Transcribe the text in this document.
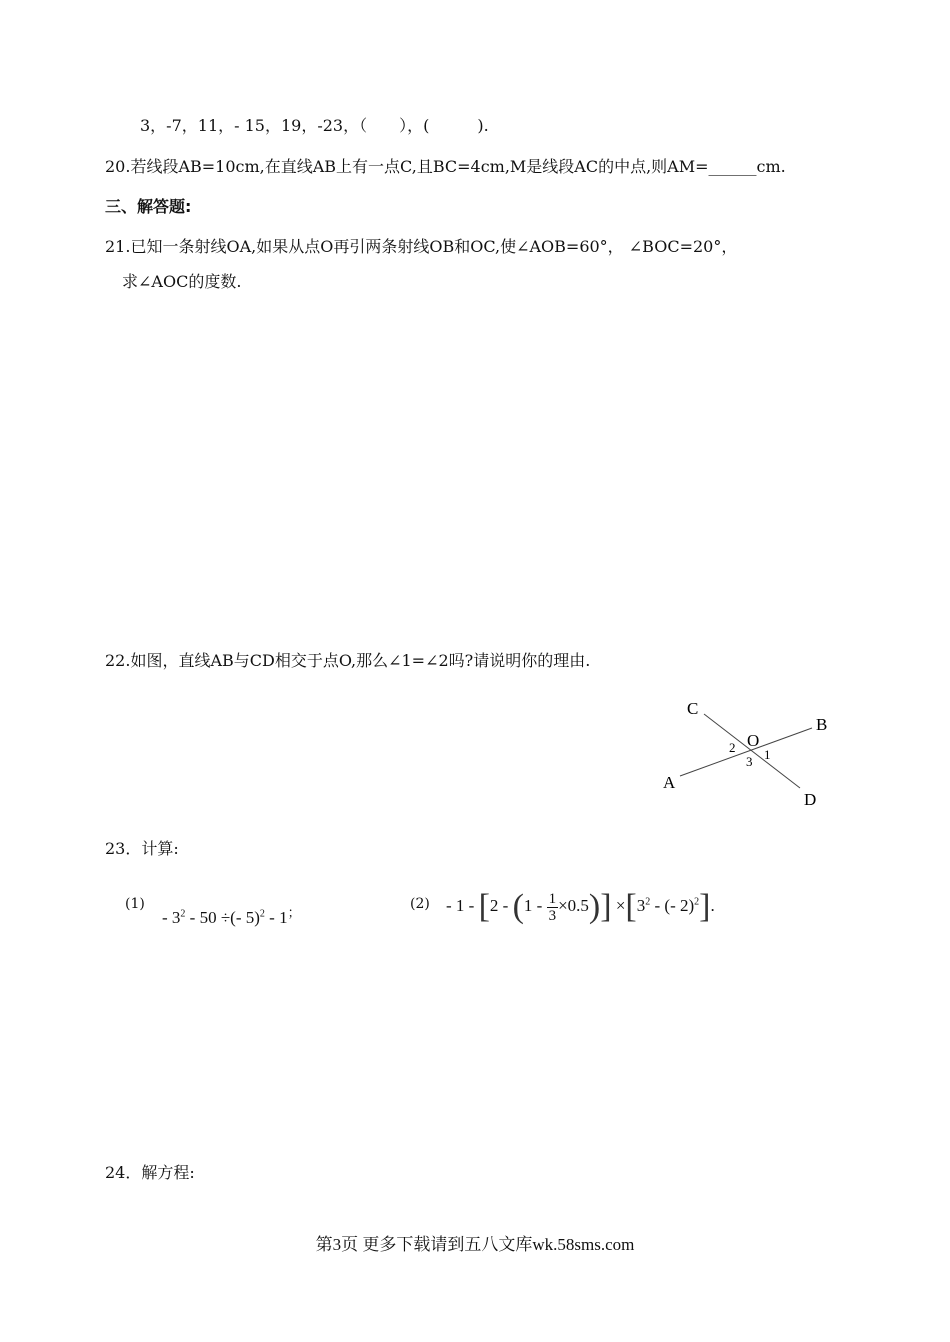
3，-7，11，- 15，19，-23，（　　），(　　　).
20.若线段AB=10cm,在直线AB上有一点C,且BC=4cm,M是线段AC的中点,则AM=______cm.
三、解答题:
21.已知一条射线OA,如果从点O再引两条射线OB和OC,使∠AOB=60°， ∠BOC=20°，
求∠AOC的度数.
22.如图，直线AB与CD相交于点O,那么∠1=∠2吗?请说明你的理由.
C
B
O
A
D
2 1
3
23．计算:
(1)
- $3^2 - 50$ ÷(- 5)$^2$ - 1；
$(2) - 1 - [2 - (1 - \frac{1}{3} \times 0.5)] \times[3^2$ - (- 2)$^2$].
24．解方程:
第3页 更多下载请到五八文库wk.58sms.com
